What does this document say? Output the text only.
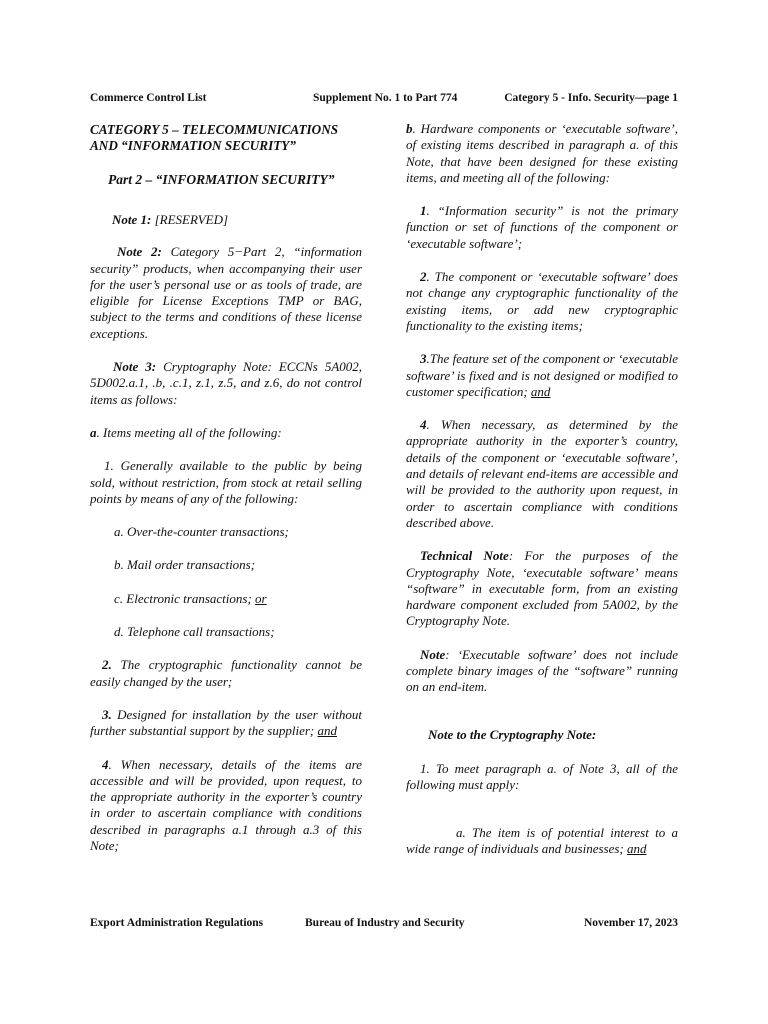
Commerce Control List	Supplement No. 1 to Part 774	Category 5 - Info. Security—page 1

CATEGORY 5 – TELECOMMUNICATIONS AND “INFORMATION SECURITY”

Part 2 – “INFORMATION SECURITY”

Note 1: [RESERVED]

Note 2: Category 5−Part 2, “information security” products, when accompanying their user for the user’s personal use or as tools of trade, are eligible for License Exceptions TMP or BAG, subject to the terms and conditions of these license exceptions.

Note 3: Cryptography Note: ECCNs 5A002, 5D002.a.1, .b, .c.1, z.1, z.5, and z.6, do not control items as follows:

a. Items meeting all of the following:

1. Generally available to the public by being sold, without restriction, from stock at retail selling points by means of any of the following:

a. Over-the-counter transactions;

b. Mail order transactions;

c. Electronic transactions; or

d. Telephone call transactions;

2. The cryptographic functionality cannot be easily changed by the user;

3. Designed for installation by the user without further substantial support by the supplier; and

4. When necessary, details of the items are accessible and will be provided, upon request, to the appropriate authority in the exporter’s country in order to ascertain compliance with conditions described in paragraphs a.1 through a.3 of this Note;

b. Hardware components or ‘executable software’, of existing items described in paragraph a. of this Note, that have been designed for these existing items, and meeting all of the following:

1. “Information security” is not the primary function or set of functions of the component or ‘executable software’;

2. The component or ‘executable software’ does not change any cryptographic functionality of the existing items, or add new cryptographic functionality to the existing items;

3.The feature set of the component or ‘executable software’ is fixed and is not designed or modified to customer specification; and

4. When necessary, as determined by the appropriate authority in the exporter’s country, details of the component or ‘executable software’, and details of relevant end-items are accessible and will be provided to the authority upon request, in order to ascertain compliance with conditions described above.

Technical Note: For the purposes of the Cryptography Note, ‘executable software’ means “software” in executable form, from an existing hardware component excluded from 5A002, by the Cryptography Note.

Note: ‘Executable software’ does not include complete binary images of the “software” running on an end-item.

Note to the Cryptography Note:

1. To meet paragraph a. of Note 3, all of the following must apply:

a. The item is of potential interest to a wide range of individuals and businesses; and

Export Administration Regulations	Bureau of Industry and Security	November 17, 2023
